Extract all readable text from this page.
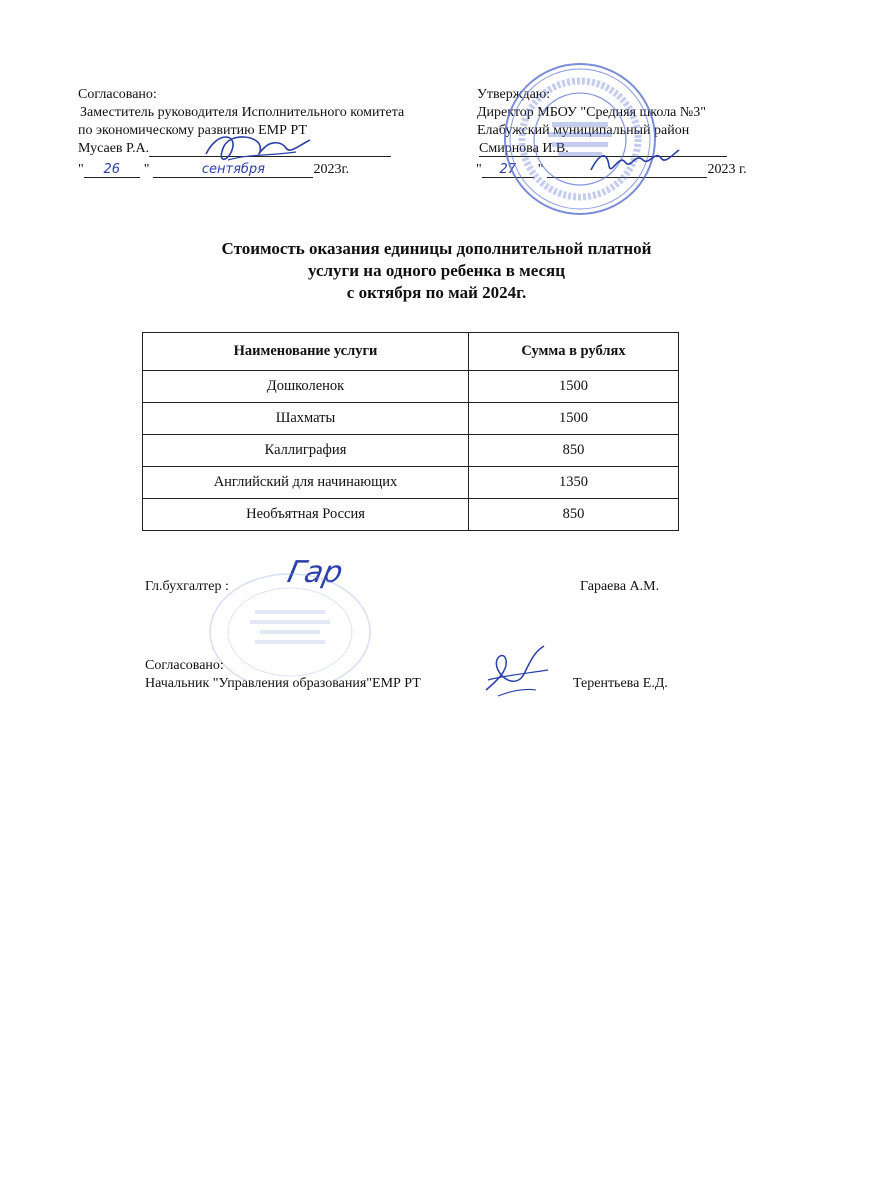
Согласовано:
Заместитель руководителя Исполнительного комитета
по экономическому развитию ЕМР РТ
Мусаев Р.А.
" 26 "	сентября	2023г.
Утверждаю:
Директор МБОУ "Средняя школа №3"
Елабужский муниципальный район
Смирнова И.В.
" 27 "	2023 г.
Стоимость оказания единицы дополнительной платной
услуги на одного ребенка в месяц
с октября по май 2024г.
Наименование услуги	Сумма в рублях
Дошколенок	1500
Шахматы	1500
Каллиграфия	850
Английский для начинающих	1350
Необъятная Россия	850
Гл.бухгалтер : Гар	Гараева А.М.
Согласовано:
Начальник "Управления образования"ЕМР РТ	Терентьева Е.Д.
